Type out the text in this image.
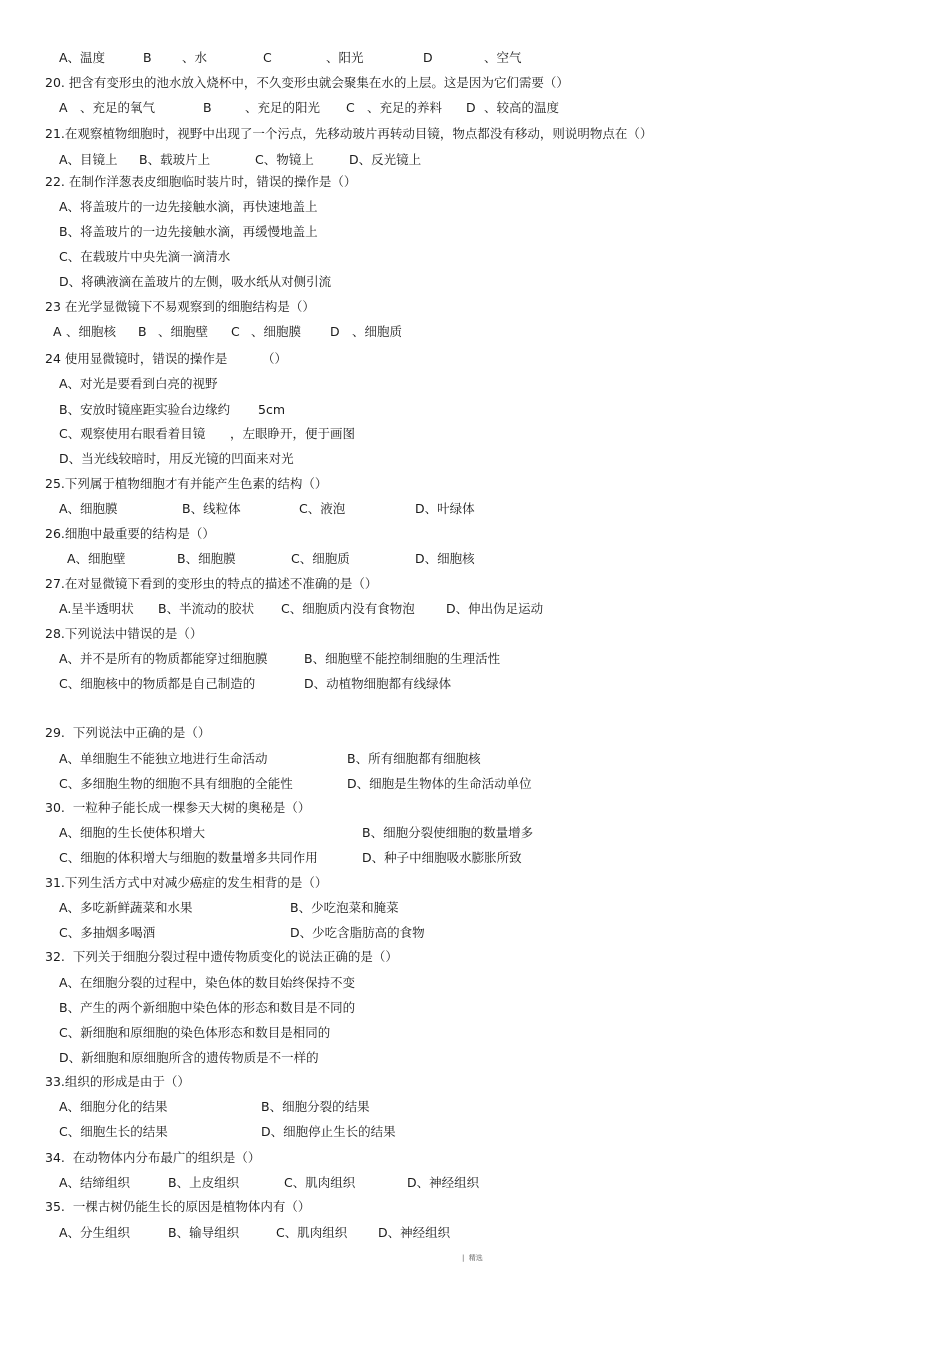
A、温度	B 、水	C	、阳光	D	、空气
20. 把含有变形虫的池水放入烧杯中，不久变形虫就会聚集在水的上层。这是因为它们需要（）
A 、充足的氧气	B	、充足的阳光 C 、充足的养料 D 、较高的温度
21.在观察植物细胞时，视野中出现了一个污点，先移动玻片再转动目镜，物点都没有移动，则说明物点在（）
A、目镜上 B、载玻片上	C、物镜上	D、反光镜上
22. 在制作洋葱表皮细胞临时装片时，错误的操作是（）
A、将盖玻片的一边先接触水滴，再快速地盖上
B、将盖玻片的一边先接触水滴，再缓慢地盖上
C、在载玻片中央先滴一滴清水
D、将碘液滴在盖玻片的左侧，吸水纸从对侧引流
23 在光学显微镜下不易观察到的细胞结构是（）
A 、细胞核 B 、细胞壁 C 、细胞膜 D 、细胞质
24 使用显微镜时，错误的操作是	（）
A、对光是要看到白亮的视野
B、安放时镜座距实验台边缘约 5cm
C、观察使用右眼看着目镜 ，左眼睁开，便于画图
D、当光线较暗时，用反光镜的凹面来对光
25.下列属于植物细胞才有并能产生色素的结构（）
A、细胞膜	B、线粒体	C、液泡	D、叶绿体
26.细胞中最重要的结构是（）
A、细胞壁	B、细胞膜	C、细胞质	D、细胞核
27.在对显微镜下看到的变形虫的特点的描述不准确的是（）
A.呈半透明状 B、半流动的胶状 C、细胞质内没有食物泡	D、伸出伪足运动
28.下列说法中错误的是（）
A、并不是所有的物质都能穿过细胞膜	B、细胞壁不能控制细胞的生理活性
C、细胞核中的物质都是自己制造的	D、动植物细胞都有线绿体
29.  下列说法中正确的是（）
A、单细胞生不能独立地进行生命活动	B、所有细胞都有细胞核
C、多细胞生物的细胞不具有细胞的全能性	D、细胞是生物体的生命活动单位
30.  一粒种子能长成一棵参天大树的奥秘是（）
A、细胞的生长使体积增大	B、细胞分裂使细胞的数量增多
C、细胞的体积增大与细胞的数量增多共同作用	D、种子中细胞吸水膨胀所致
31.下列生活方式中对减少癌症的发生相背的是（）
A、多吃新鲜蔬菜和水果	B、少吃泡菜和腌菜
C、多抽烟多喝酒	D、少吃含脂肪高的食物
32.  下列关于细胞分裂过程中遗传物质变化的说法正确的是（）
A、在细胞分裂的过程中，染色体的数目始终保持不变
B、产生的两个新细胞中染色体的形态和数目是不同的
C、新细胞和原细胞的染色体形态和数目是相同的
D、新细胞和原细胞所含的遗传物质是不一样的
33.组织的形成是由于（）
A、细胞分化的结果	B、细胞分裂的结果
C、细胞生长的结果	D、细胞停止生长的结果
34.  在动物体内分布最广的组织是（）
A、结缔组织	B、上皮组织	C、肌肉组织	D、神经组织
35.  一棵古树仍能生长的原因是植物体内有（）
A、分生组织	B、输导组织	C、肌肉组织 D、神经组织
|  精选
